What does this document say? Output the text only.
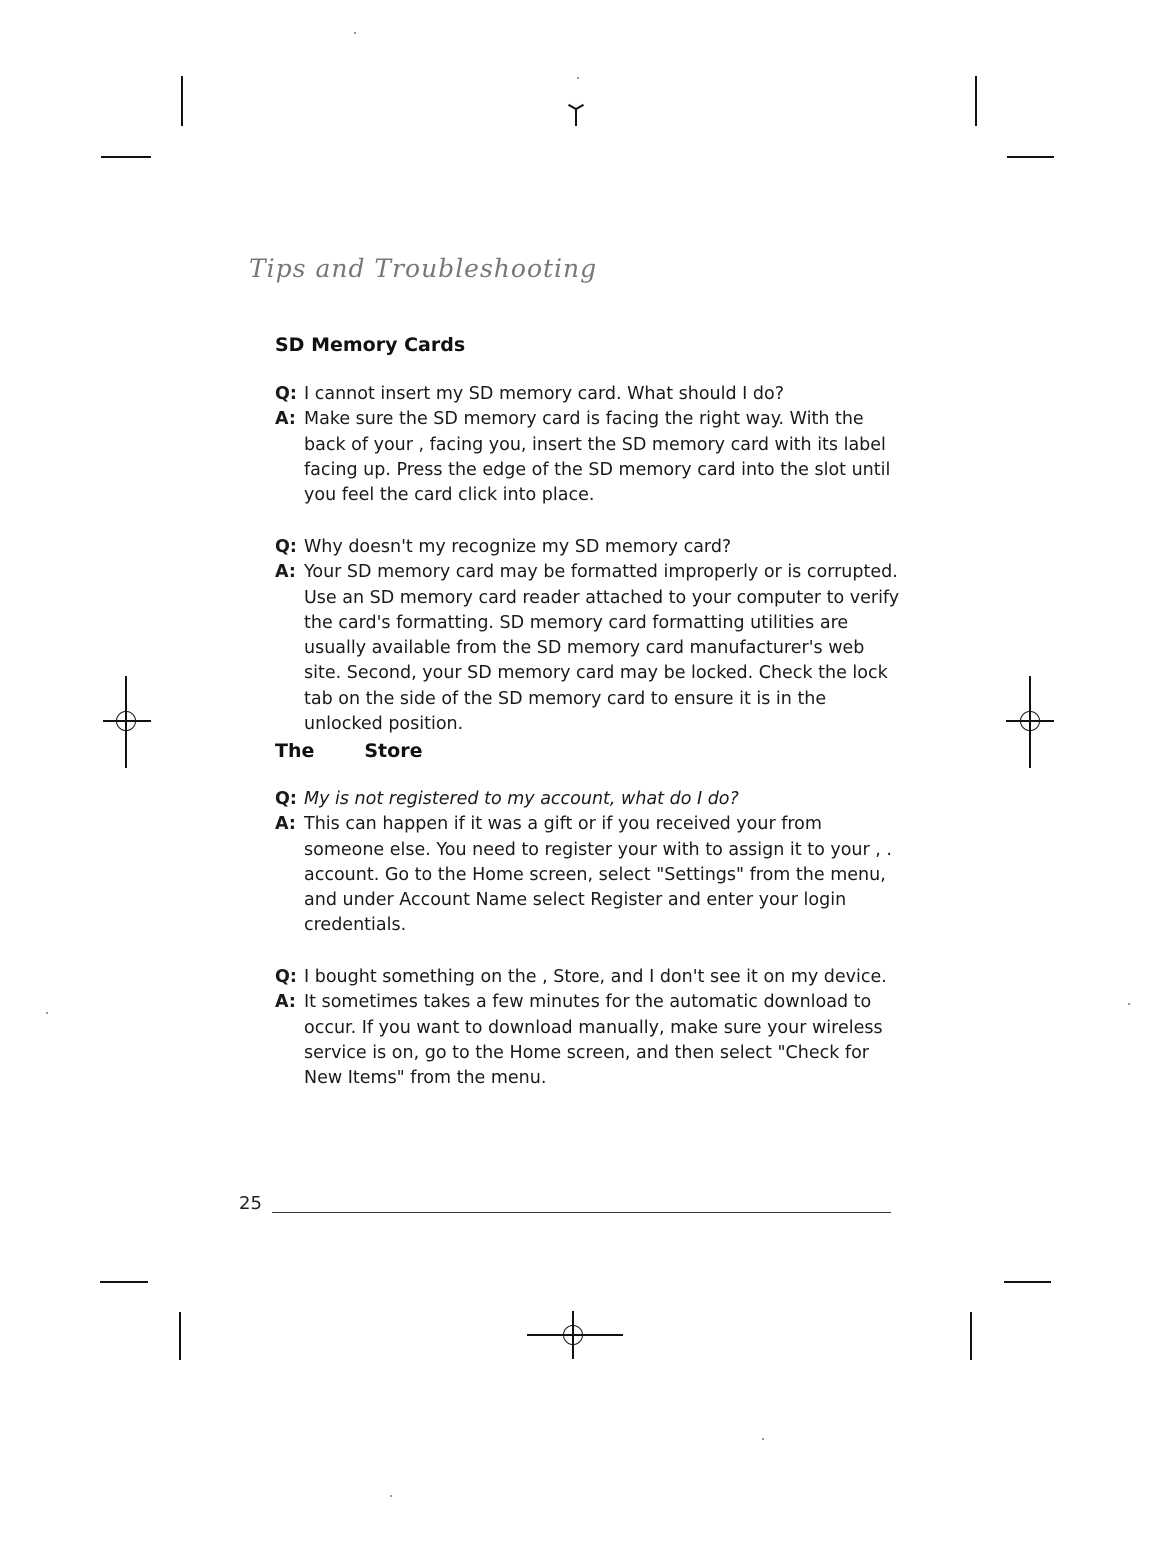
Tips and Troubleshooting
SD Memory Cards
Q: I cannot insert my SD memory card. What should I do?
A: Make sure the SD memory card is facing the right way. With the back of your , facing you, insert the SD memory card with its label facing up. Press the edge of the SD memory card into the slot until you feel the card click into place.
Q: Why doesn't my recognize my SD memory card?
A: Your SD memory card may be formatted improperly or is corrupted. Use an SD memory card reader attached to your computer to verify the card's formatting. SD memory card formatting utilities are usually available from the SD memory card manufacturer's web site. Second, your SD memory card may be locked. Check the lock tab on the side of the SD memory card to ensure it is in the unlocked position.
The	Store
Q: My is not registered to my account, what do I do?
A: This can happen if it was a gift or if you received your from someone else. You need to register your with to assign it to your , . account. Go to the Home screen, select "Settings" from the menu, and under Account Name select Register and enter your login credentials.
Q: I bought something on the , Store, and I don't see it on my device.
A: It sometimes takes a few minutes for the automatic download to occur. If you want to download manually, make sure your wireless service is on, go to the Home screen, and then select "Check for New Items" from the menu.
25
